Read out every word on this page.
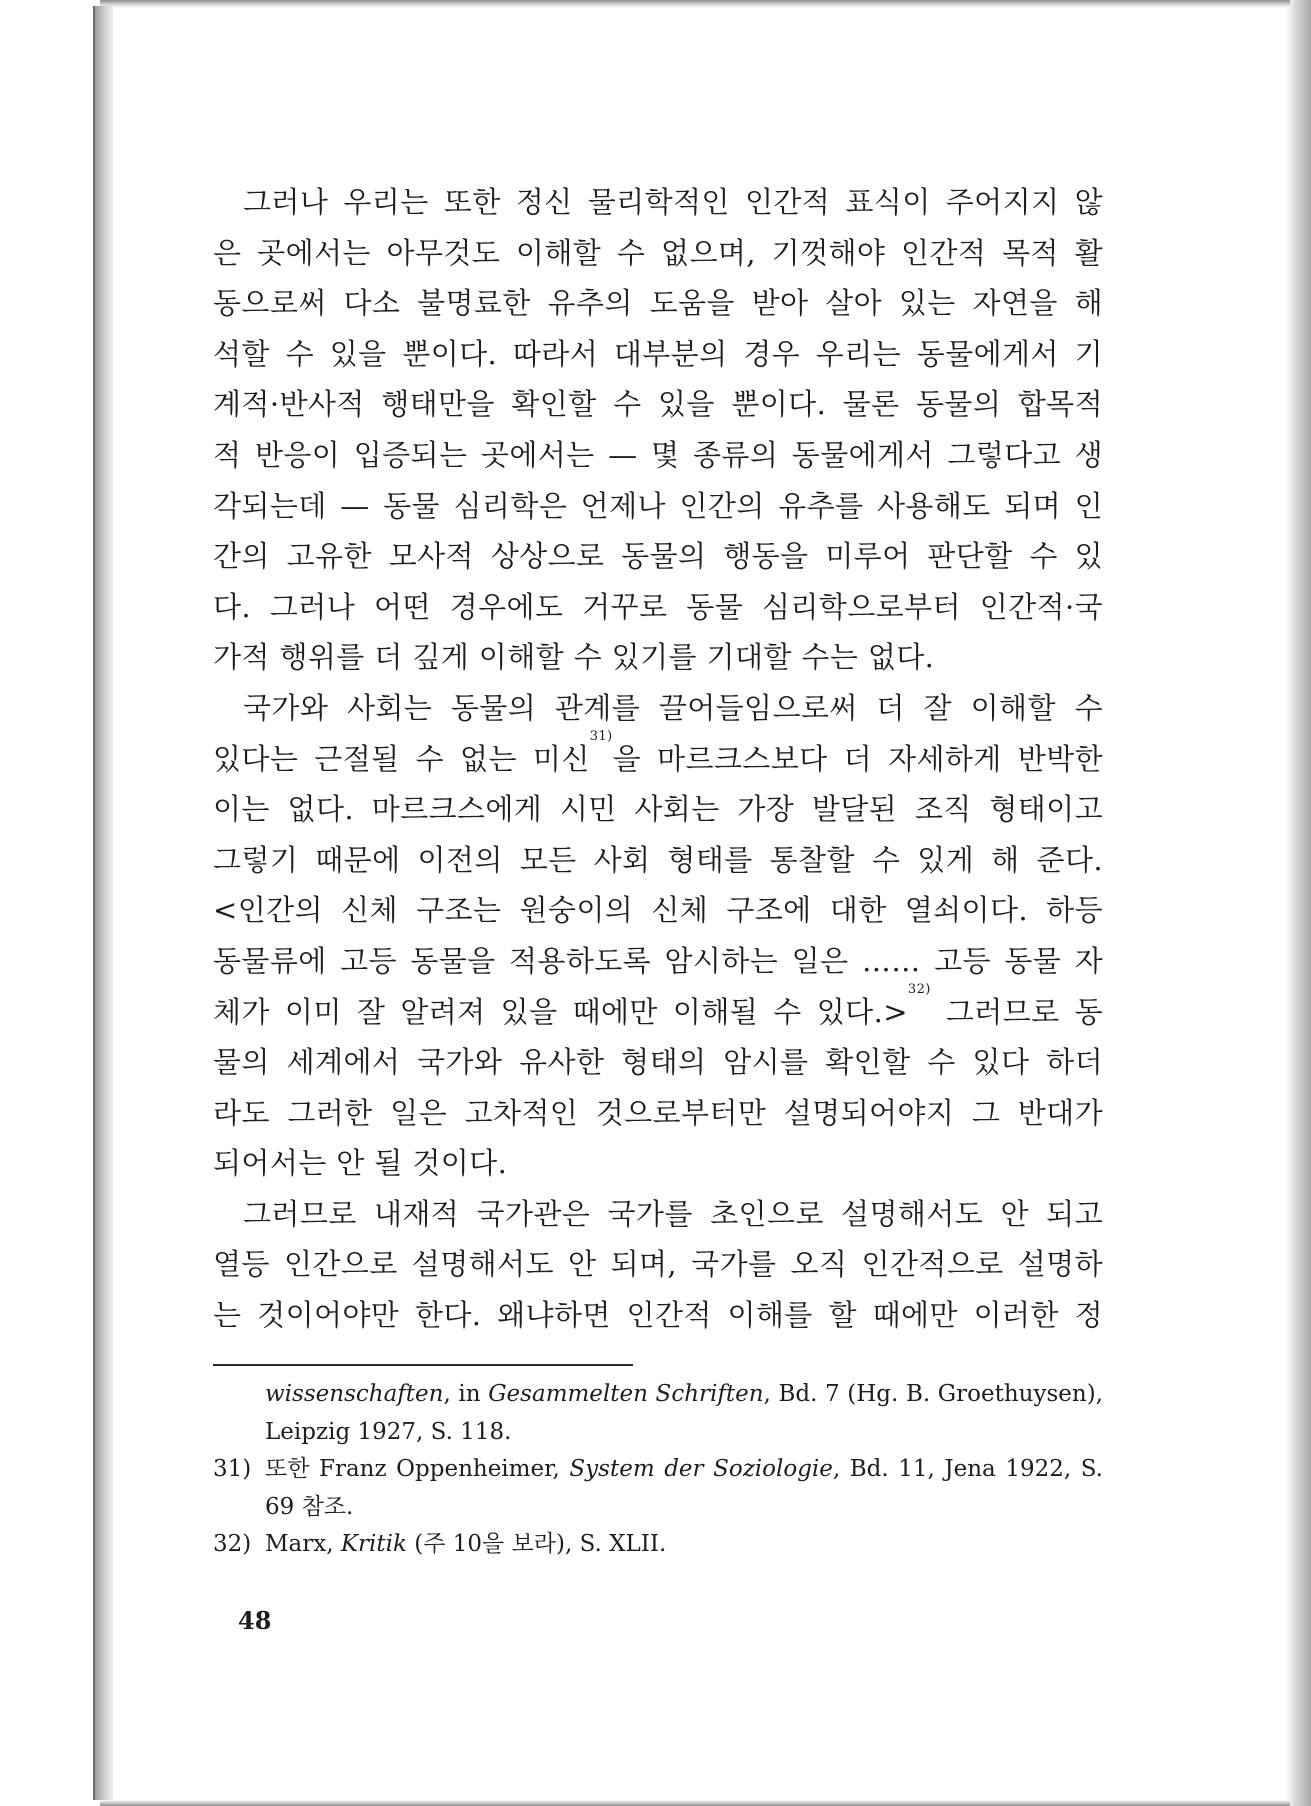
그러나 우리는 또한 정신 물리학적인 인간적 표식이 주어지지 않

은 곳에서는 아무것도 이해할 수 없으며, 기껏해야 인간적 목적 활

동으로써 다소 불명료한 유추의 도움을 받아 살아 있는 자연을 해

석할 수 있을 뿐이다. 따라서 대부분의 경우 우리는 동물에게서 기

계적·반사적 행태만을 확인할 수 있을 뿐이다. 물론 동물의 합목적

적 반응이 입증되는 곳에서는 — 몇 종류의 동물에게서 그렇다고 생

각되는데 — 동물 심리학은 언제나 인간의 유추를 사용해도 되며 인

간의 고유한 모사적 상상으로 동물의 행동을 미루어 판단할 수 있

다. 그러나 어떤 경우에도 거꾸로 동물 심리학으로부터 인간적·국

가적 행위를 더 깊게 이해할 수 있기를 기대할 수는 없다.

국가와 사회는 동물의 관계를 끌어들임으로써 더 잘 이해할 수

있다는 근절될 수 없는 미신$^{31)}$을 마르크스보다 더 자세하게 반박한

이는 없다. 마르크스에게 시민 사회는 가장 발달된 조직 형태이고

그렇기 때문에 이전의 모든 사회 형태를 통찰할 수 있게 해 준다.

<인간의 신체 구조는 원숭이의 신체 구조에 대한 열쇠이다. 하등

동물류에 고등 동물을 적용하도록 암시하는 일은 …… 고등 동물 자

체가 이미 잘 알려져 있을 때에만 이해될 수 있다.>$^{32)}$ 그러므로 동

물의 세계에서 국가와 유사한 형태의 암시를 확인할 수 있다 하더

라도 그러한 일은 고차적인 것으로부터만 설명되어야지 그 반대가

되어서는 안 될 것이다.

그러므로 내재적 국가관은 국가를 초인으로 설명해서도 안 되고

열등 인간으로 설명해서도 안 되며, 국가를 오직 인간적으로 설명하

는 것이어야만 한다. 왜냐하면 인간적 이해를 할 때에만 이러한 정

wissenschaften, in Gesammelten Schriften, Bd. 7 (Hg. B. Groethuysen),
Leipzig 1927, S. 118.
31) 또한 Franz Oppenheimer, System der Soziologie, Bd. 11, Jena 1922, S.
69 참조.
32) Marx, Kritik (주 10을 보라), S. XLII.
48
